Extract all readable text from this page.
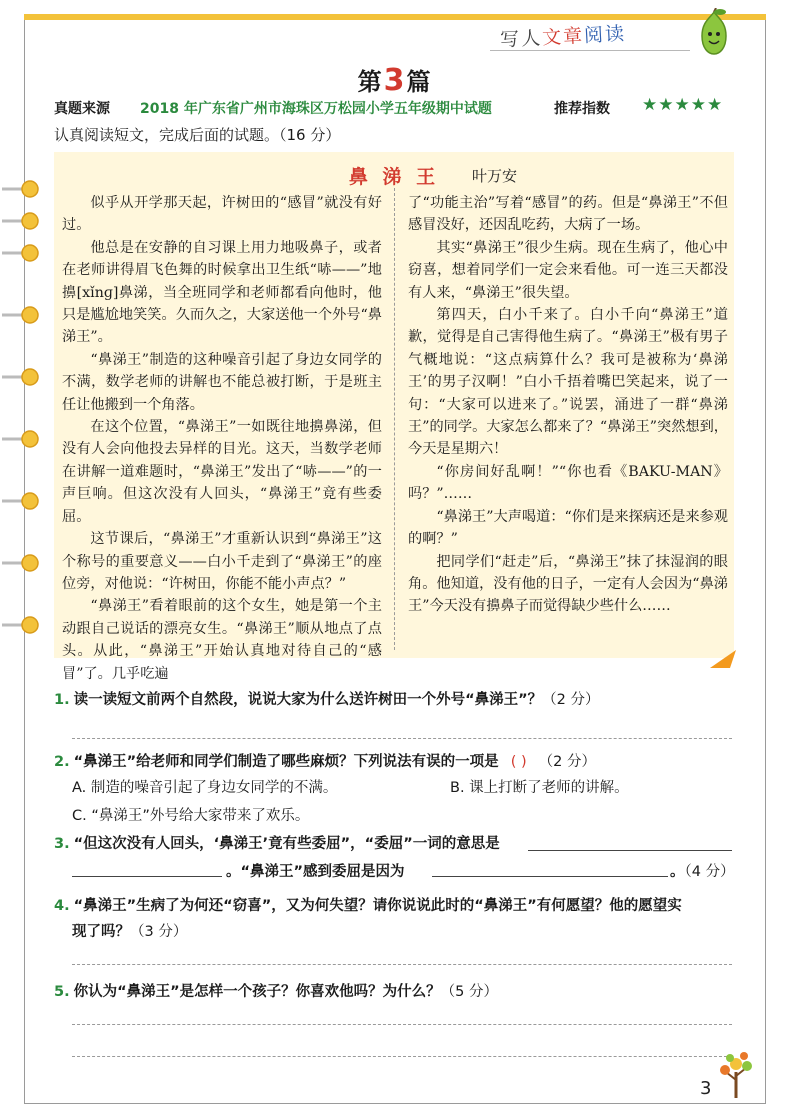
写人文章阅读
第3篇
真题来源 2018 年广东省广州市海珠区万松园小学五年级期中试题	推荐指数 ★★★★★
认真阅读短文，完成后面的试题。（16 分）
鼻 涕 王	叶万安

似乎从开学那天起，许树田的“感冒”就没有好过。

他总是在安静的自习课上用力地吸鼻子，或者在老师讲得眉飞色舞的时候拿出卫生纸“哧——”地擤[xǐnɡ]鼻涕，当全班同学和老师都看向他时，他只是尴尬地笑笑。久而久之，大家送他一个外号“鼻涕王”。

“鼻涕王”制造的这种噪音引起了身边女同学的不满，数学老师的讲解也不能总被打断，于是班主任让他搬到一个角落。

在这个位置，“鼻涕王”一如既往地擤鼻涕，但没有人会向他投去异样的目光。这天，当数学老师在讲解一道难题时，“鼻涕王”发出了“哧——”的一声巨响。但这次没有人回头，“鼻涕王”竟有些委屈。

这节课后，“鼻涕王”才重新认识到“鼻涕王”这个称号的重要意义——白小千走到了“鼻涕王”的座位旁，对他说：“许树田，你能不能小声点？”

“鼻涕王”看着眼前的这个女生，她是第一个主动跟自己说话的漂亮女生。“鼻涕王”顺从地点了点头。从此，“鼻涕王”开始认真地对待自己的“感冒”了。几乎吃遍

了“功能主治”写着“感冒”的药。但是“鼻涕王”不但感冒没好，还因乱吃药，大病了一场。

其实“鼻涕王”很少生病。现在生病了，他心中窃喜，想着同学们一定会来看他。可一连三天都没有人来，“鼻涕王”很失望。

第四天，白小千来了。白小千向“鼻涕王”道歉，觉得是自己害得他生病了。“鼻涕王”极有男子气概地说：“这点病算什么？我可是被称为‘鼻涕王’的男子汉啊！”白小千捂着嘴巴笑起来，说了一句：“大家可以进来了。”说罢，涌进了一群“鼻涕王”的同学。大家怎么都来了？“鼻涕王”突然想到，今天是星期六！

“你房间好乱啊！”“你也看《BAKU-MAN》吗？”……

“鼻涕王”大声喝道：“你们是来探病还是来参观的啊？”

把同学们“赶走”后，“鼻涕王”抹了抹湿润的眼角。他知道，没有他的日子，一定有人会因为“鼻涕王”今天没有擤鼻子而觉得缺少些什么……

1. 读一读短文前两个自然段，说说大家为什么送许树田一个外号“鼻涕王”？（2 分）
2. “鼻涕王”给老师和同学们制造了哪些麻烦？下列说法有误的一项是 ( ) （2 分）
A. 制造的噪音引起了身边女同学的不满。	B. 课上打断了老师的讲解。
C. “鼻涕王”外号给大家带来了欢乐。
3. “但这次没有人回头，‘鼻涕王’竟有些委屈”，“委屈”一词的意思是
。“鼻涕王”感到委屈是因为	。（4 分）
4. “鼻涕王”生病了为何还“窃喜”，又为何失望？请你说说此时的“鼻涕王”有何愿望？他的愿望实
现了吗？（3 分）
5. 你认为“鼻涕王”是怎样一个孩子？你喜欢他吗？为什么？（5 分）
3
